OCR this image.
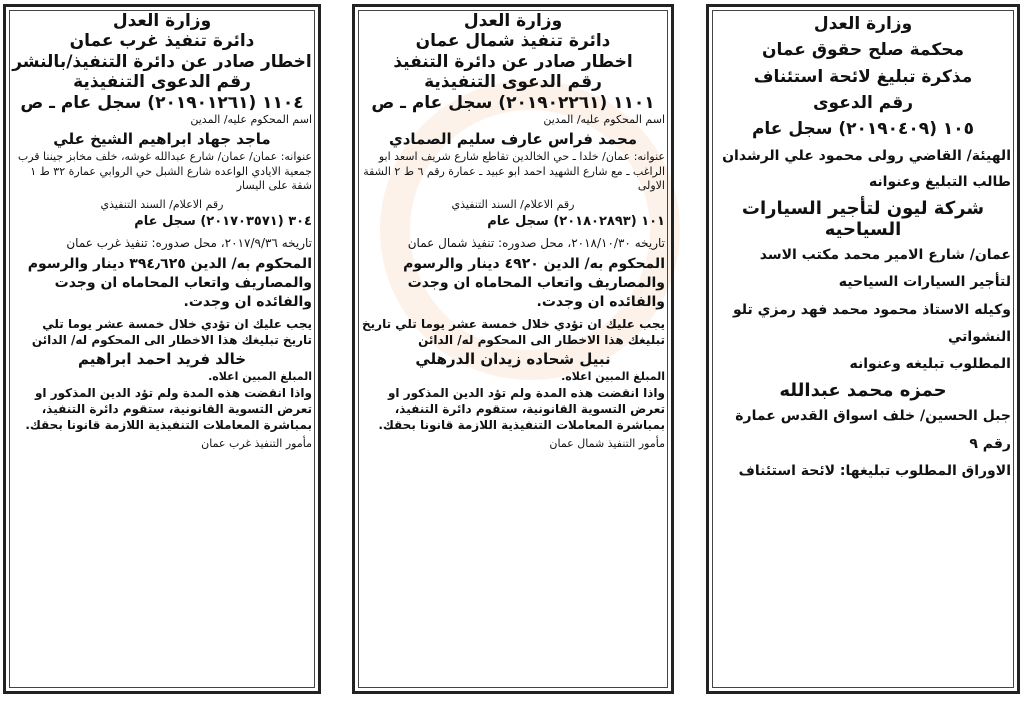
وزارة العدل
محكمة صلح حقوق عمان
مذكرة تبليغ لائحة استئناف
رقم الدعوى
١٠٥ (٢٠١٩٠٤٠٩) سجل عام
الهيئة/ القاضي رولى محمود علي الرشدان
طالب التبليغ وعنوانه
شركة ليون لتأجير السيارات السياحيه
عمان/ شارع الامير محمد مكتب الاسد لتأجير السيارات السياحيه
وكيله الاستاذ محمود محمد فهد رمزي تلو النشواتي
المطلوب تبليغه وعنوانه
حمزه محمد عبدالله
جبل الحسين/ خلف اسواق القدس عمارة رقم ٩
الاوراق المطلوب تبليغها: لائحة استئناف
وزارة العدل
دائرة تنفيذ شمال عمان
اخطار صادر عن دائرة التنفيذ
رقم الدعوى التنفيذية
١١٠١ (٢٠١٩٠٢٢٦١) سجل عام ـ ص
اسم المحكوم عليه/ المدين
محمد فراس عارف سليم الصمادي
عنوانه: عمان/ خلدا ـ حي الخالدين تقاطع شارع شريف اسعد ابو الراغب ـ مع شارع الشهيد احمد ابو عبيد ـ عمارة رقم ٦ ط ٢ الشقة الاولى
رقم الاعلام/ السند التنفيذي
١٠١ (٢٠١٨٠٢٨٩٣) سجل عام
تاريخه ٢٠١٨/١٠/٣٠، محل صدوره: تنفيذ شمال عمان
المحكوم به/ الدين ٤٩٢٠ دينار والرسوم والمصاريف واتعاب المحاماه ان وجدت والفائده ان وجدت.
يجب عليك ان تؤدي خلال خمسة عشر يوما تلي تاريخ تبليغك هذا الاخطار الى المحكوم له/ الدائن
نبيل شحاده زيدان الدرهلي
المبلغ المبين اعلاه.
واذا انقضت هذه المدة ولم تؤد الدين المذكور او تعرض التسوية القانونية، ستقوم دائرة التنفيذ، بمباشرة المعاملات التنفيذية اللازمة قانونا بحقك.
مأمور التنفيذ شمال عمان
وزارة العدل
دائرة تنفيذ غرب عمان
اخطار صادر عن دائرة التنفيذ/بالنشر
رقم الدعوى التنفيذية
١١٠٤ (٢٠١٩٠١٢٦١) سجل عام ـ ص
اسم المحكوم عليه/ المدين
ماجد جهاد ابراهيم الشيخ علي
عنوانه: عمان/ عمان/ شارع عبدالله غوشه، خلف مخابز جيننا قرب جمعية الايادي الواعده شارع الشبل حي الروابي عمارة ٣٢ ط ١ شقة على اليسار
رقم الاعلام/ السند التنفيذي
٣٠٤ (٢٠١٧٠٣٥٧١) سجل عام
تاريخه ٢٠١٧/٩/٣٦، محل صدوره: تنفيذ غرب عمان
المحكوم به/ الدين ٣٩٤٫٦٢٥ دينار والرسوم والمصاريف واتعاب المحاماه ان وجدت والفائده ان وجدت.
يجب عليك ان تؤدي خلال خمسة عشر يوما تلي تاريخ تبليغك هذا الاخطار الى المحكوم له/ الدائن
خالد فريد احمد ابراهيم
المبلغ المبين اعلاه.
واذا انقضت هذه المدة ولم تؤد الدين المذكور او تعرض التسوية القانونية، ستقوم دائرة التنفيذ، بمباشرة المعاملات التنفيذية اللازمة قانونا بحقك.
مأمور التنفيذ غرب عمان
